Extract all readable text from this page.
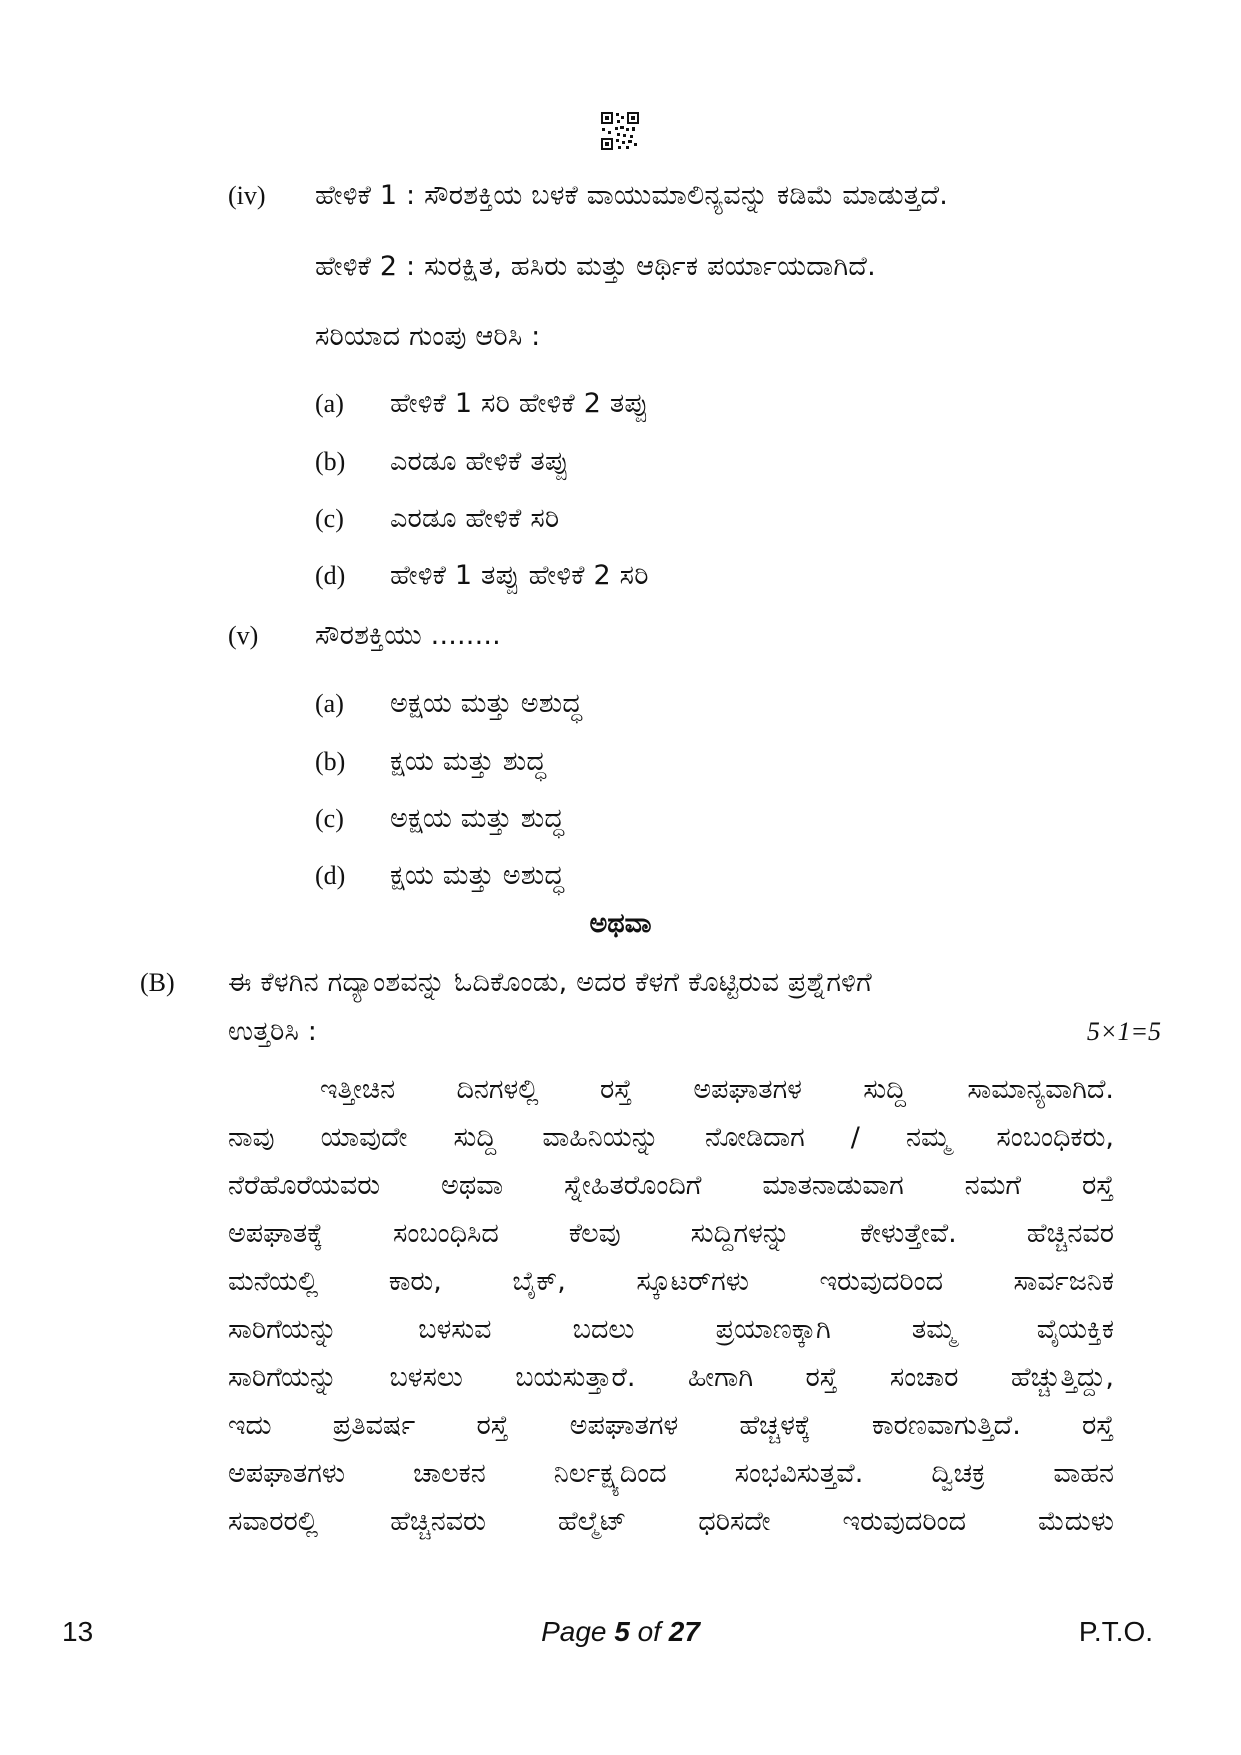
(iv) ಹೇಳಿಕೆ 1 : ಸೌರಶಕ್ತಿಯ ಬಳಕೆ ವಾಯುಮಾಲಿನ್ಯವನ್ನು ಕಡಿಮೆ ಮಾಡುತ್ತದೆ.
ಹೇಳಿಕೆ 2 : ಸುರಕ್ಷಿತ, ಹಸಿರು ಮತ್ತು ಆರ್ಥಿಕ ಪರ್ಯಾಯದಾಗಿದೆ.
ಸರಿಯಾದ ಗುಂಪು ಆರಿಸಿ :
(a) ಹೇಳಿಕೆ 1 ಸರಿ ಹೇಳಿಕೆ 2 ತಪ್ಪು
(b) ಎರಡೂ ಹೇಳಿಕೆ ತಪ್ಪು
(c) ಎರಡೂ ಹೇಳಿಕೆ ಸರಿ
(d) ಹೇಳಿಕೆ 1 ತಪ್ಪು ಹೇಳಿಕೆ 2 ಸರಿ
(v) ಸೌರಶಕ್ತಿಯು ........
(a) ಅಕ್ಷಯ ಮತ್ತು ಅಶುದ್ಧ
(b) ಕ್ಷಯ ಮತ್ತು ಶುದ್ಧ
(c) ಅಕ್ಷಯ ಮತ್ತು ಶುದ್ಧ
(d) ಕ್ಷಯ ಮತ್ತು ಅಶುದ್ಧ
ಅಥವಾ
(B) ಈ ಕೆಳಗಿನ ಗದ್ಯಾಂಶವನ್ನು ಓದಿಕೊಂಡು, ಅದರ ಕೆಳಗೆ ಕೊಟ್ಟಿರುವ ಪ್ರಶ್ನೆಗಳಿಗೆ
ಉತ್ತರಿಸಿ :	5×1=5
ಇತ್ತೀಚಿನ ದಿನಗಳಲ್ಲಿ ರಸ್ತೆ ಅಪಘಾತಗಳ ಸುದ್ದಿ ಸಾಮಾನ್ಯವಾಗಿದೆ.
ನಾವು ಯಾವುದೇ ಸುದ್ದಿ ವಾಹಿನಿಯನ್ನು ನೋಡಿದಾಗ / ನಮ್ಮ ಸಂಬಂಧಿಕರು,
ನೆರೆಹೊರೆಯವರು ಅಥವಾ ಸ್ನೇಹಿತರೊಂದಿಗೆ ಮಾತನಾಡುವಾಗ ನಮಗೆ ರಸ್ತೆ
ಅಪಘಾತಕ್ಕೆ ಸಂಬಂಧಿಸಿದ ಕೆಲವು ಸುದ್ದಿಗಳನ್ನು ಕೇಳುತ್ತೇವೆ. ಹೆಚ್ಚಿನವರ
ಮನೆಯಲ್ಲಿ ಕಾರು, ಬೈಕ್, ಸ್ಕೂಟರ್‌ಗಳು ಇರುವುದರಿಂದ ಸಾರ್ವಜನಿಕ
ಸಾರಿಗೆಯನ್ನು ಬಳಸುವ ಬದಲು ಪ್ರಯಾಣಕ್ಕಾಗಿ ತಮ್ಮ ವೈಯಕ್ತಿಕ
ಸಾರಿಗೆಯನ್ನು ಬಳಸಲು ಬಯಸುತ್ತಾರೆ. ಹೀಗಾಗಿ ರಸ್ತೆ ಸಂಚಾರ ಹೆಚ್ಚುತ್ತಿದ್ದು,
ಇದು ಪ್ರತಿವರ್ಷ ರಸ್ತೆ ಅಪಘಾತಗಳ ಹೆಚ್ಚಳಕ್ಕೆ ಕಾರಣವಾಗುತ್ತಿದೆ. ರಸ್ತೆ
ಅಪಘಾತಗಳು ಚಾಲಕನ ನಿರ್ಲಕ್ಷ್ಯದಿಂದ ಸಂಭವಿಸುತ್ತವೆ. ದ್ವಿಚಕ್ರ ವಾಹನ
ಸವಾರರಲ್ಲಿ ಹೆಚ್ಚಿನವರು ಹೆಲ್ಮೆಟ್ ಧರಿಸದೇ ಇರುವುದರಿಂದ ಮೆದುಳು
13	Page 5 of 27	P.T.O.
